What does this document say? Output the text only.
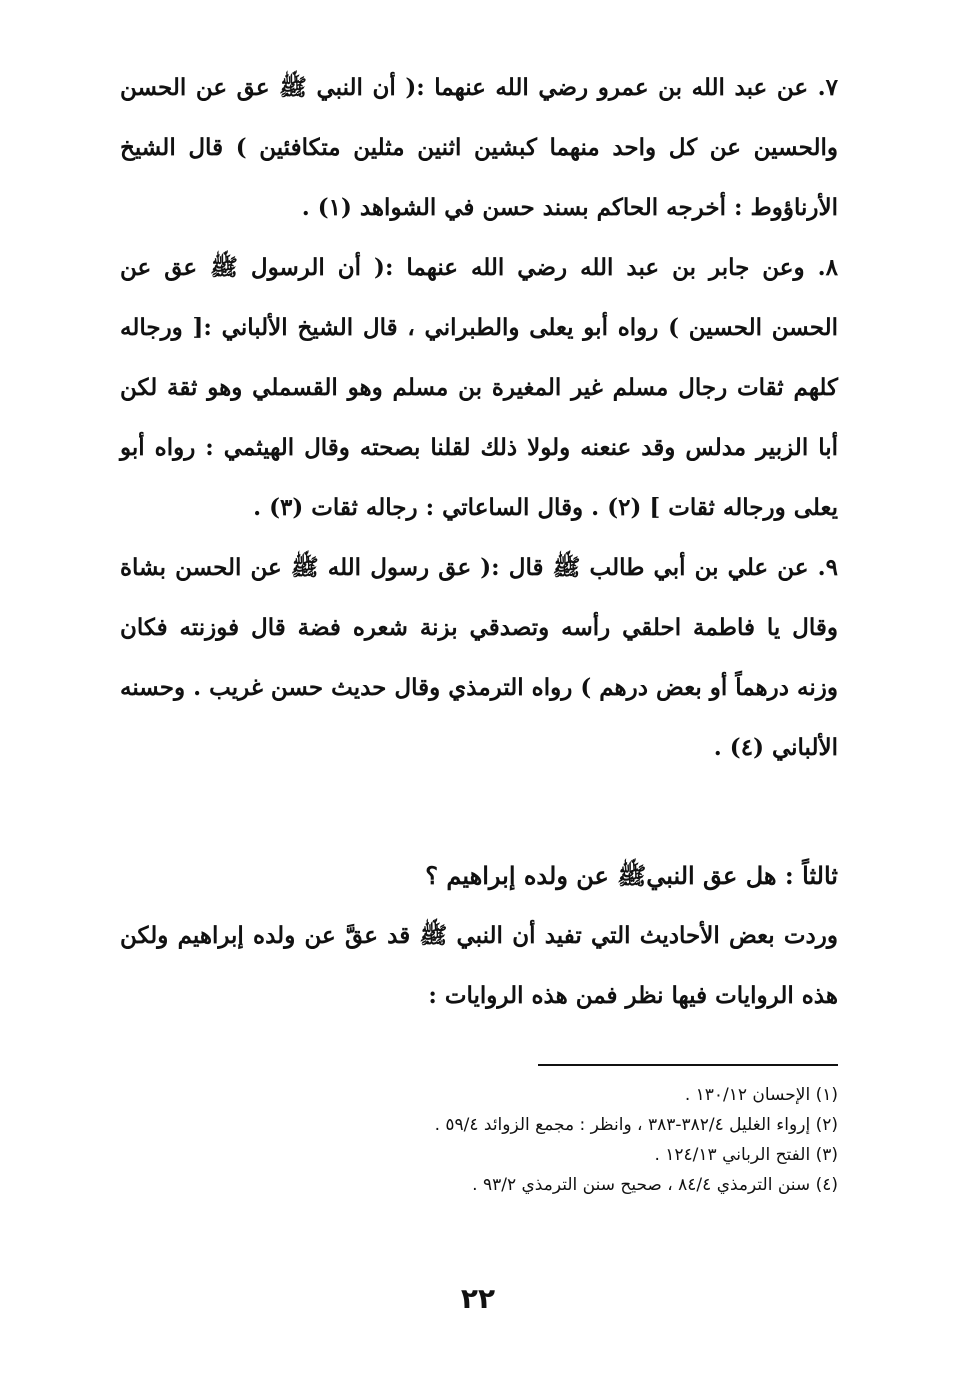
٧. عن عبد الله بن عمرو رضي الله عنهما :( أن النبي ﷺ عق عن الحسن والحسين عن كل واحد منهما كبشين اثنين مثلين متكافئين ) قال الشيخ الأرناؤوط : أخرجه الحاكم بسند حسن في الشواهد (١) .

٨. وعن جابر بن عبد الله رضي الله عنهما :( أن الرسول ﷺ عق عن الحسن الحسين ) رواه أبو يعلى والطبراني ، قال الشيخ الألباني :[ ورجاله كلهم ثقات رجال مسلم غير المغيرة بن مسلم وهو القسملي وهو ثقة لكن أبا الزبير مدلس وقد عنعنه ولولا ذلك لقلنا بصحته وقال الهيثمي : رواه أبو يعلى ورجاله ثقات ] (٢) . وقال الساعاتي : رجاله ثقات (٣) .

٩. عن علي بن أبي طالب ﷺ قال :( عق رسول الله ﷺ عن الحسن بشاة وقال يا فاطمة احلقي رأسه وتصدقي بزنة شعره فضة قال فوزنته فكان وزنه درهماً أو بعض درهم ) رواه الترمذي وقال حديث حسن غريب . وحسنه الألباني (٤) .

ثالثاً : هل عق النبيﷺ عن ولده إبراهيم ؟

وردت بعض الأحاديث التي تفيد أن النبي ﷺ قد عقَّ عن ولده إبراهيم ولكن هذه الروايات فيها نظر فمن هذه الروايات :

(١) الإحسان ١٣٠/١٢ .
(٢) إرواء الغليل ٣٨٢/٤-٣٨٣ ، وانظر : مجمع الزوائد ٥٩/٤ .
(٣) الفتح الرباني ١٢٤/١٣ .
(٤) سنن الترمذي ٨٤/٤ ، صحيح سنن الترمذي ٩٣/٢ .
٢٢
